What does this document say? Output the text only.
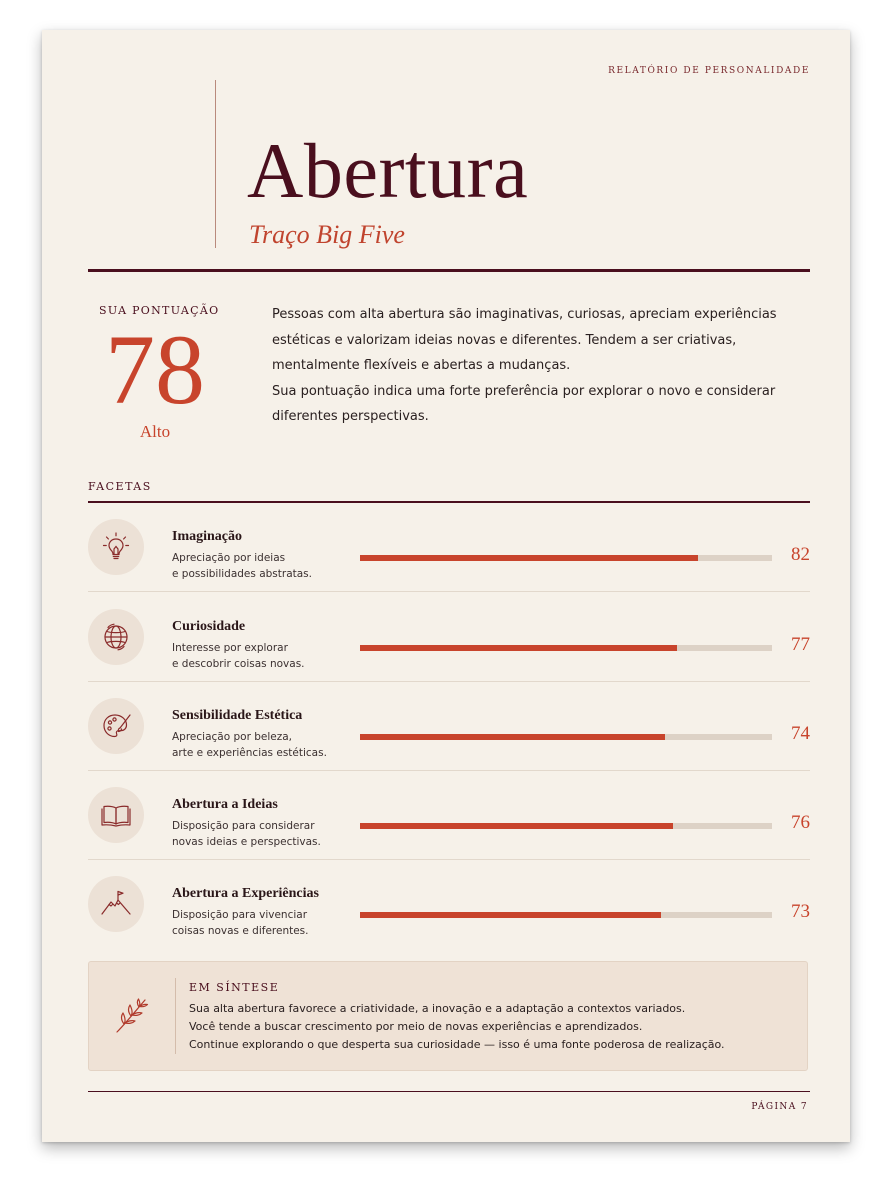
RELATÓRIO DE PERSONALIDADE
Abertura
Traço Big Five
SUA PONTUAÇÃO
78
Alto

Pessoas com alta abertura são imaginativas, curiosas, apreciam experiências estéticas e valorizam ideias novas e diferentes. Tendem a ser criativas, mentalmente flexíveis e abertas a mudanças.

Sua pontuação indica uma forte preferência por explorar o novo e considerar diferentes perspectivas.

FACETAS
Imaginação
Apreciação por ideias
e possibilidades abstratas.
82
Curiosidade
Interesse por explorar
e descobrir coisas novas.
77
Sensibilidade Estética
Apreciação por beleza,
arte e experiências estéticas.
74
Abertura a Ideias
Disposição para considerar
novas ideias e perspectivas.
76
Abertura a Experiências
Disposição para vivenciar
coisas novas e diferentes.
73
EM SÍNTESE
Sua alta abertura favorece a criatividade, a inovação e a adaptação a contextos variados.
Você tende a buscar crescimento por meio de novas experiências e aprendizados.
Continue explorando o que desperta sua curiosidade — isso é uma fonte poderosa de realização.
PÁGINA 7
